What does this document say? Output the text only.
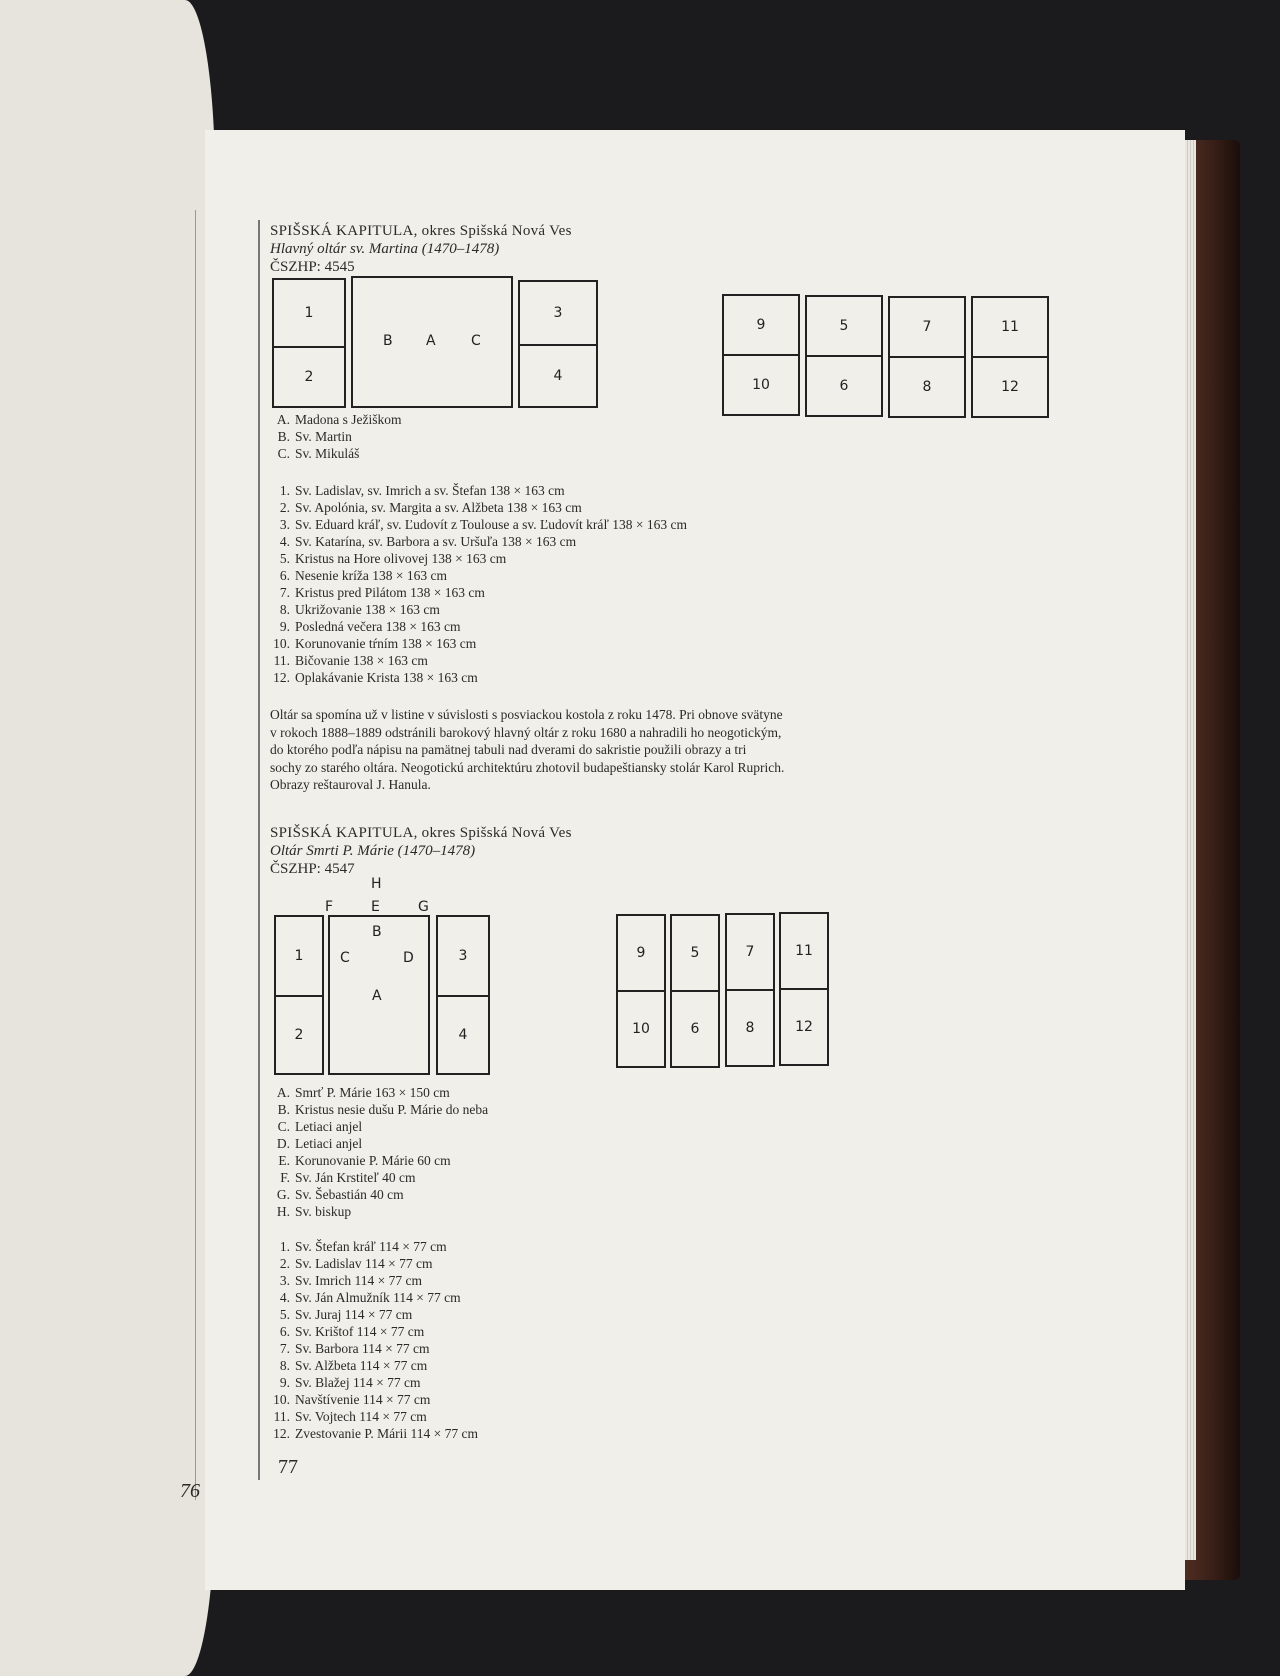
76
SPIŠSKÁ KAPITULA, okres Spišská Nová Ves
Hlavný oltár sv. Martina (1470–1478)
ČSZHP: 4545
1
2
B A	C
3
4
9	5	7	11
10	6	8	12
A. Madona s Ježiškom
B. Sv. Martin
C. Sv. Mikuláš
1. Sv. Ladislav, sv. Imrich a sv. Štefan 138 × 163 cm
2. Sv. Apolónia, sv. Margita a sv. Alžbeta 138 × 163 cm
3. Sv. Eduard kráľ, sv. Ľudovít z Toulouse a sv. Ľudovít kráľ 138 × 163 cm
4. Sv. Katarína, sv. Barbora a sv. Uršuľa 138 × 163 cm
5. Kristus na Hore olivovej 138 × 163 cm
6. Nesenie kríža 138 × 163 cm
7. Kristus pred Pilátom 138 × 163 cm
8. Ukrižovanie 138 × 163 cm
9. Posledná večera 138 × 163 cm
10. Korunovanie tŕním 138 × 163 cm
11. Bičovanie 138 × 163 cm
12. Oplakávanie Krista 138 × 163 cm
Oltár sa spomína už v listine v súvislosti s posviackou kostola z roku 1478. Pri obnove svätyne
v rokoch 1888–1889 odstránili barokový hlavný oltár z roku 1680 a nahradili ho neogotickým,
do ktorého podľa nápisu na pamätnej tabuli nad dverami do sakristie použili obrazy a tri
sochy zo starého oltára. Neogotickú architektúru zhotovil budapeštiansky stolár Karol Ruprich.
Obrazy reštauroval J. Hanula.
SPIŠSKÁ KAPITULA, okres Spišská Nová Ves
Oltár Smrti P. Márie (1470–1478)
ČSZHP: 4547
H
F	E	G
1
2
B
C	D
A
3
4
9	5	7	11
10	6	8	12
A. Smrť P. Márie 163 × 150 cm
B. Kristus nesie dušu P. Márie do neba
C. Letiaci anjel
D. Letiaci anjel
E. Korunovanie P. Márie 60 cm
F. Sv. Ján Krstiteľ 40 cm
G. Sv. Šebastián 40 cm
H. Sv. biskup
1. Sv. Štefan kráľ 114 × 77 cm
2. Sv. Ladislav 114 × 77 cm
3. Sv. Imrich 114 × 77 cm
4. Sv. Ján Almužník 114 × 77 cm
5. Sv. Juraj 114 × 77 cm
6. Sv. Krištof 114 × 77 cm
7. Sv. Barbora 114 × 77 cm
8. Sv. Alžbeta 114 × 77 cm
9. Sv. Blažej 114 × 77 cm
10. Navštívenie 114 × 77 cm
11. Sv. Vojtech 114 × 77 cm
12. Zvestovanie P. Márii 114 × 77 cm
77
